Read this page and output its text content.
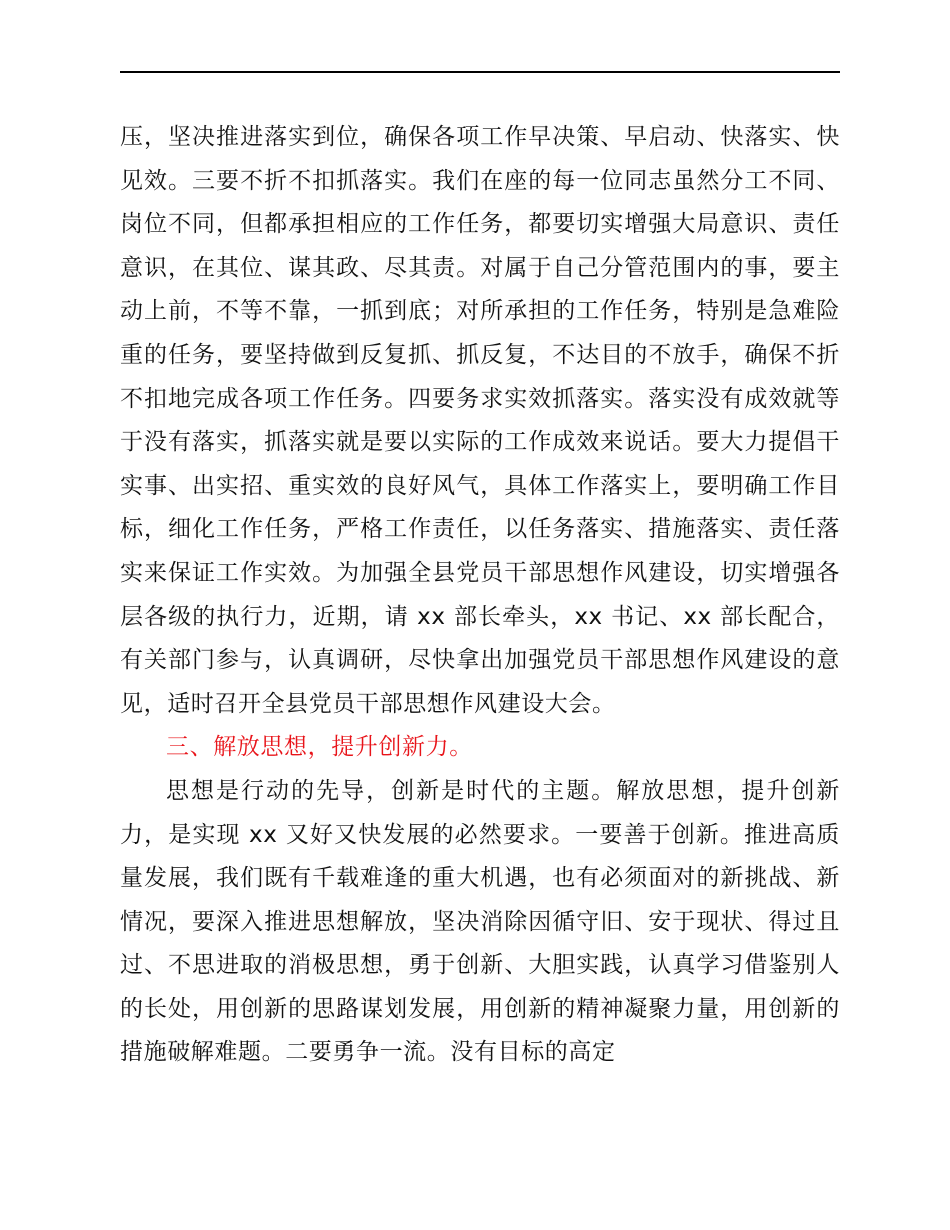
压，坚决推进落实到位，确保各项工作早决策、早启动、快落实、快见效。三要不折不扣抓落实。我们在座的每一位同志虽然分工不同、岗位不同，但都承担相应的工作任务，都要切实增强大局意识、责任意识，在其位、谋其政、尽其责。对属于自己分管范围内的事，要主动上前，不等不靠，一抓到底；对所承担的工作任务，特别是急难险重的任务，要坚持做到反复抓、抓反复，不达目的不放手，确保不折不扣地完成各项工作任务。四要务求实效抓落实。落实没有成效就等于没有落实，抓落实就是要以实际的工作成效来说话。要大力提倡干实事、出实招、重实效的良好风气，具体工作落实上，要明确工作目标，细化工作任务，严格工作责任，以任务落实、措施落实、责任落实来保证工作实效。为加强全县党员干部思想作风建设，切实增强各层各级的执行力，近期，请 xx 部长牵头，xx 书记、xx 部长配合，有关部门参与，认真调研，尽快拿出加强党员干部思想作风建设的意见，适时召开全县党员干部思想作风建设大会。

三、解放思想，提升创新力。

思想是行动的先导，创新是时代的主题。解放思想，提升创新力，是实现 xx 又好又快发展的必然要求。一要善于创新。推进高质量发展，我们既有千载难逢的重大机遇，也有必须面对的新挑战、新情况，要深入推进思想解放，坚决消除因循守旧、安于现状、得过且过、不思进取的消极思想，勇于创新、大胆实践，认真学习借鉴别人的长处，用创新的思路谋划发展，用创新的精神凝聚力量，用创新的措施破解难题。二要勇争一流。没有目标的高定
